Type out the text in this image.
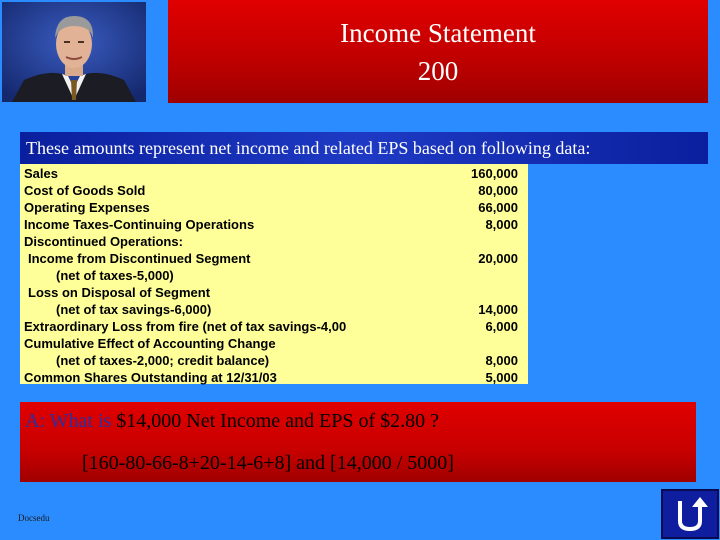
Income Statement
200
These amounts represent net income and related EPS based on following data:
Sales	160,000
Cost of Goods Sold	80,000
Operating Expenses	66,000
Income Taxes-Continuing Operations	8,000
Discontinued Operations:
Income from Discontinued Segment	20,000
(net of taxes-5,000)
Loss on Disposal of Segment
(net of tax savings-6,000)	14,000
Extraordinary Loss from fire (net of tax savings-4,00	6,000
Cumulative Effect of Accounting Change
(net of taxes-2,000; credit balance)	8,000
Common Shares Outstanding at 12/31/03	5,000
A: What is $14,000 Net Income and EPS of $2.80 ?
[160-80-66-8+20-14-6+8] and [14,000 / 5000]
Docsedu
